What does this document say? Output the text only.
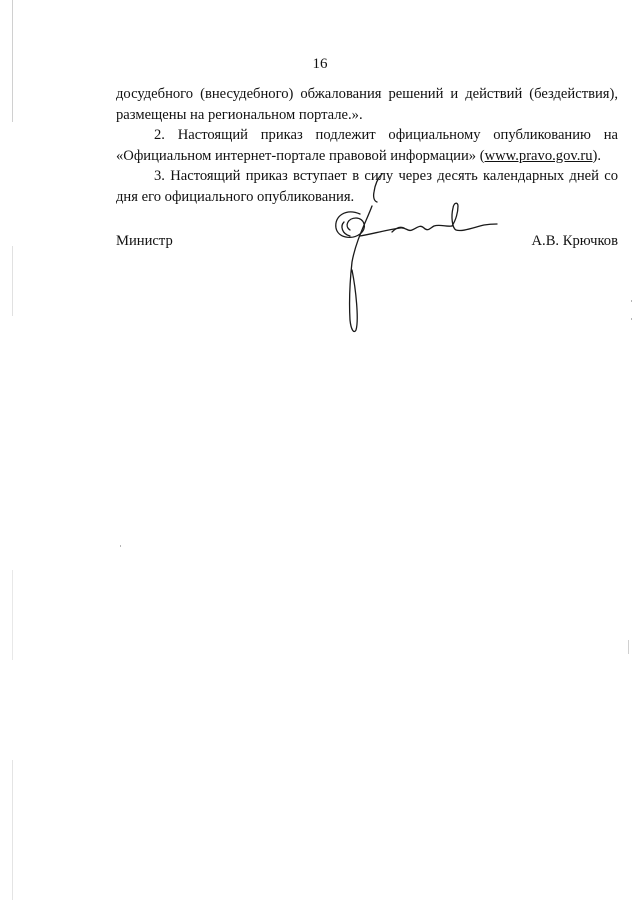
16

досудебного (внесудебного) обжалования решений и действий (бездействия), размещены на региональном портале.».

2. Настоящий приказ подлежит официальному опубликованию на «Официальном интернет-портале правовой информации» (www.pravo.gov.ru).

3. Настоящий приказ вступает в силу через десять календарных дней со дня его официального опубликования.

Министр	А.В. Крючков
